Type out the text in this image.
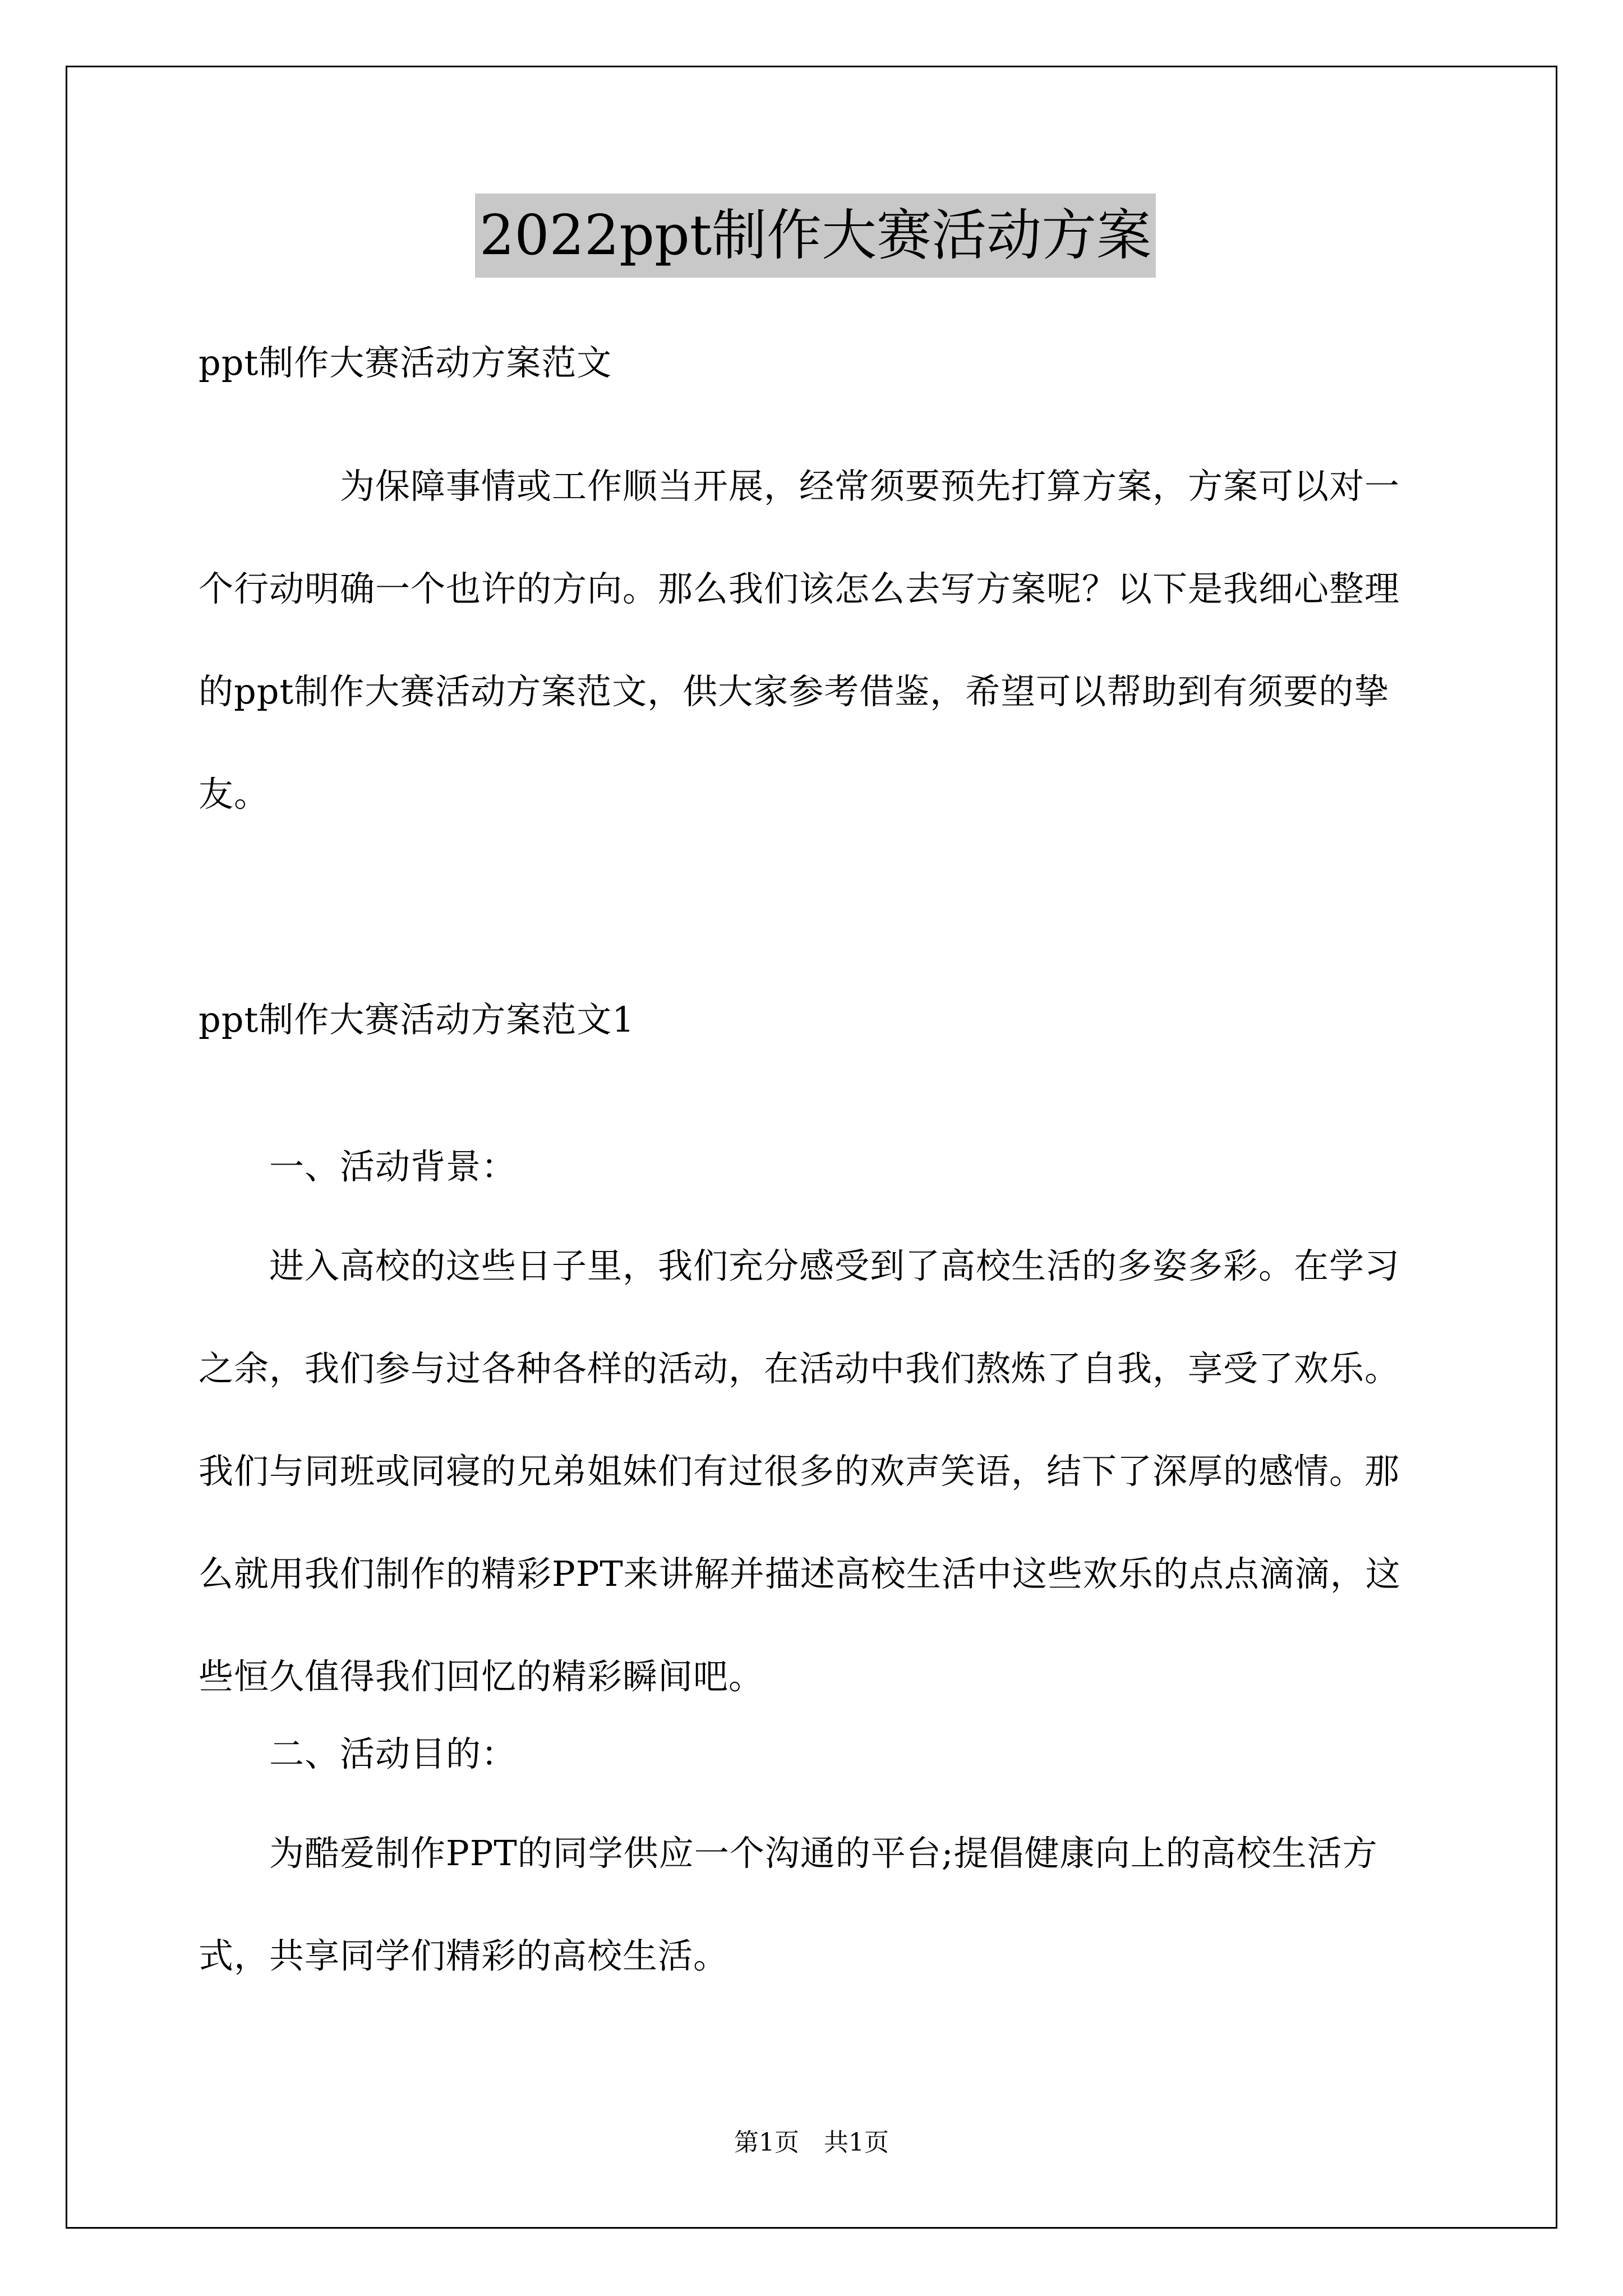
2022ppt制作大赛活动方案

ppt制作大赛活动方案范文

　　　　为保障事情或工作顺当开展，经常须要预先打算方案，方案可以对一个行动明确一个也许的方向。那么我们该怎么去写方案呢？以下是我细心整理的ppt制作大赛活动方案范文，供大家参考借鉴，希望可以帮助到有须要的挚友。

ppt制作大赛活动方案范文1

　　一、活动背景：

　　进入高校的这些日子里，我们充分感受到了高校生活的多姿多彩。在学习之余，我们参与过各种各样的活动，在活动中我们熬炼了自我，享受了欢乐。我们与同班或同寝的兄弟姐妹们有过很多的欢声笑语，结下了深厚的感情。那么就用我们制作的精彩PPT来讲解并描述高校生活中这些欢乐的点点滴滴，这些恒久值得我们回忆的精彩瞬间吧。

　　二、活动目的：

　　为酷爱制作PPT的同学供应一个沟通的平台;提倡健康向上的高校生活方式，共享同学们精彩的高校生活。

第1页　共1页
